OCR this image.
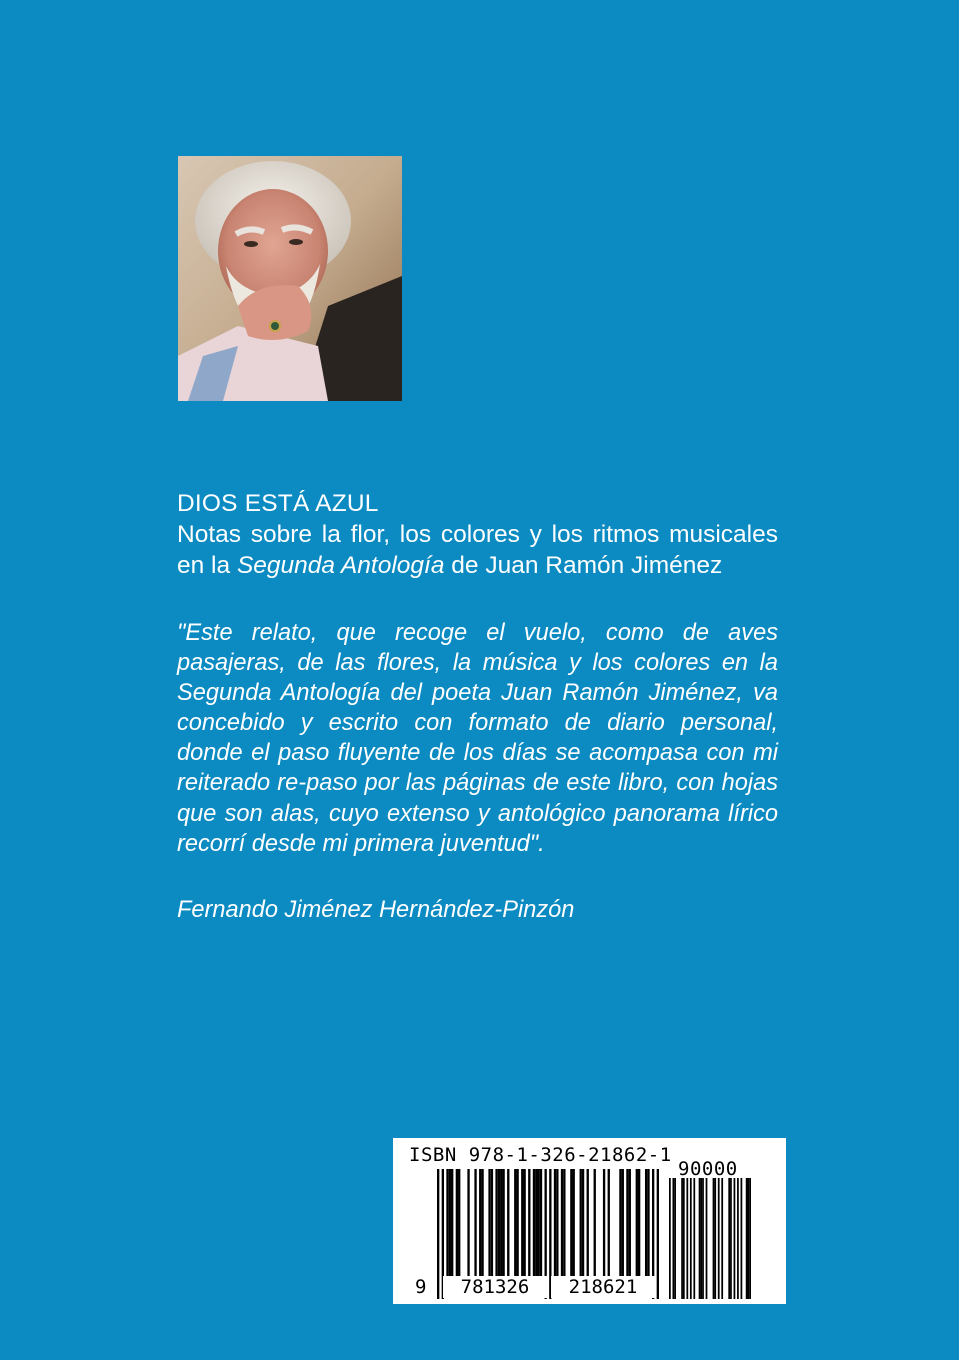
DIOS ESTÁ AZUL

Notas sobre la flor, los colores y los ritmos musicales en la Segunda Antología de Juan Ramón Jiménez

"Este relato, que recoge el vuelo, como de aves pasajeras, de las flores, la música y los colores en la Segunda Antología del poeta Juan Ramón Jiménez, va concebido y escrito con formato de diario personal, donde el paso fluyente de los días se acompasa con mi reiterado re-paso por las páginas de este libro, con hojas que son alas, cuyo extenso y antológico panorama lírico recorrí desde mi primera juventud".

Fernando Jiménez Hernández-Pinzón

ISBN 978-1-326-21862-1
90000
9	781326	218621
